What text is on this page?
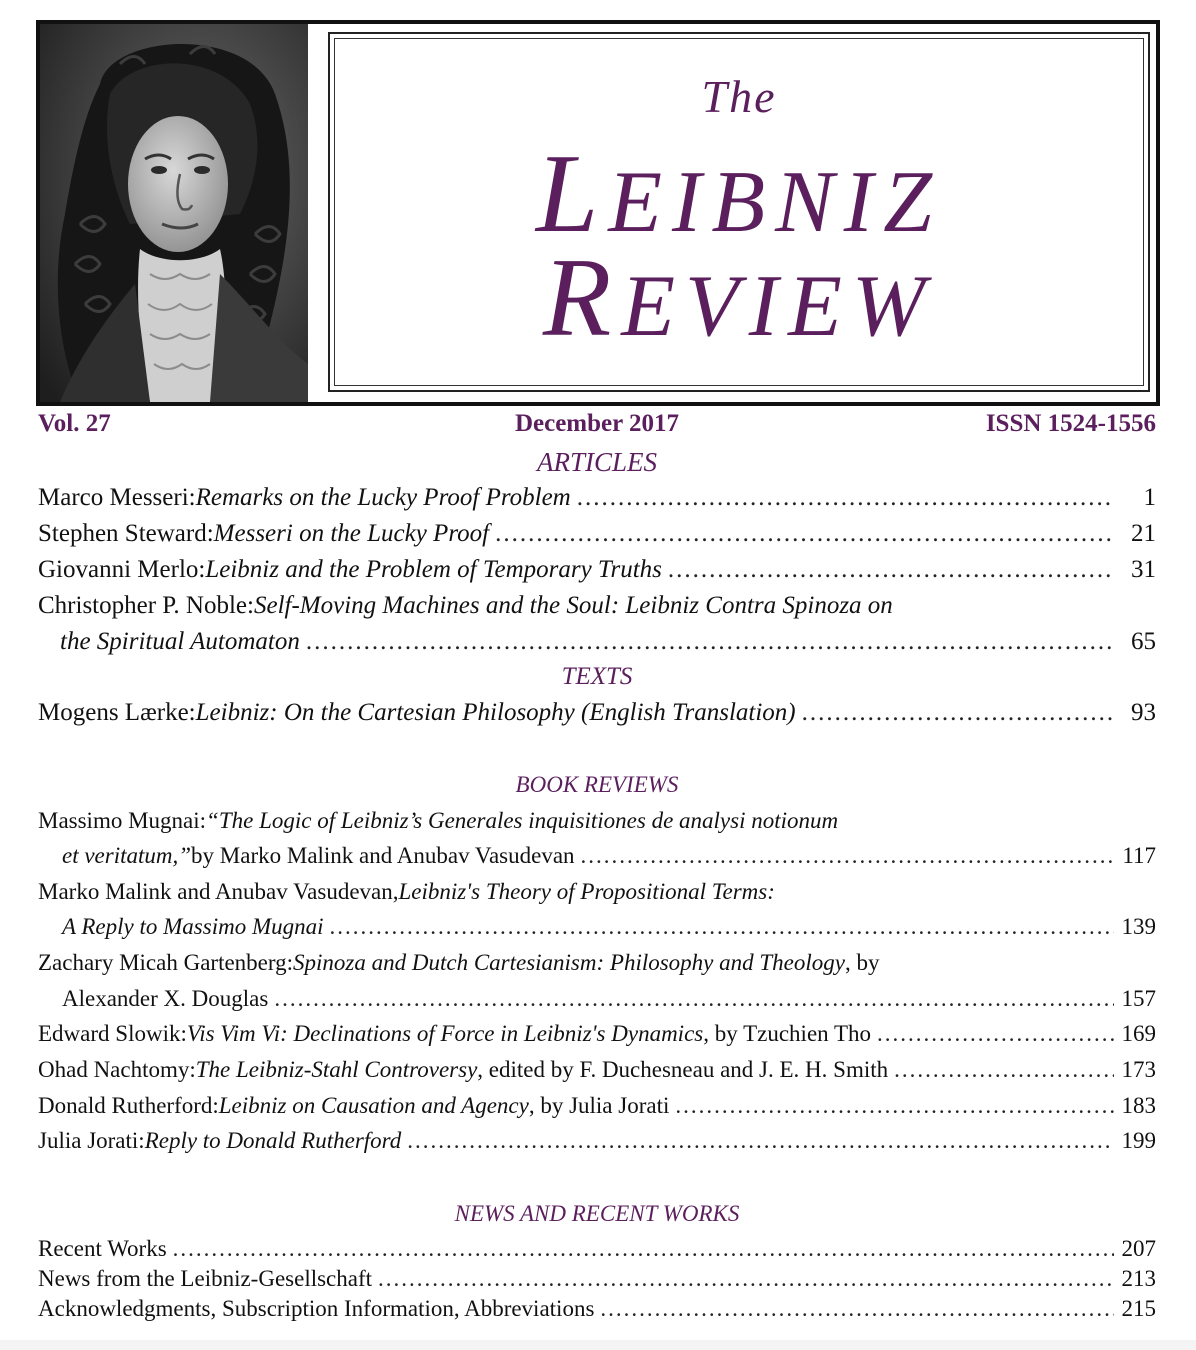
The
LEIBNIZ
REVIEW
Vol. 27	December 2017	ISSN 1524-1556
ARTICLES
Marco Messeri: Remarks on the Lucky Proof Problem .....	1
Stephen Steward: Messeri on the Lucky Proof .....	21
Giovanni Merlo: Leibniz and the Problem of Temporary Truths .....	31
Christopher P. Noble: Self-Moving Machines and the Soul: Leibniz Contra Spinoza on
the Spiritual Automaton .....	65
TEXTS
Mogens Lærke: Leibniz: On the Cartesian Philosophy (English Translation) .....	93
BOOK REVIEWS
Massimo Mugnai: “The Logic of Leibniz’s Generales inquisitiones de analysi notionum
et veritatum,” by Marko Malink and Anubav Vasudevan .....	117
Marko Malink and Anubav Vasudevan, Leibniz's Theory of Propositional Terms:
A Reply to Massimo Mugnai .....	139
Zachary Micah Gartenberg: Spinoza and Dutch Cartesianism: Philosophy and Theology , by
Alexander X. Douglas .....	157
Edward Slowik: Vis Vim Vi: Declinations of Force in Leibniz's Dynamics , by Tzuchien Tho .....	169
Ohad Nachtomy: The Leibniz-Stahl Controversy , edited by F. Duchesneau and J. E. H. Smith .....	173
Donald Rutherford: Leibniz on Causation and Agency , by Julia Jorati .....	183
Julia Jorati: Reply to Donald Rutherford .....	199
NEWS AND RECENT WORKS
Recent Works .....	207
News from the Leibniz-Gesellschaft .....	213
Acknowledgments, Subscription Information, Abbreviations .....	215
